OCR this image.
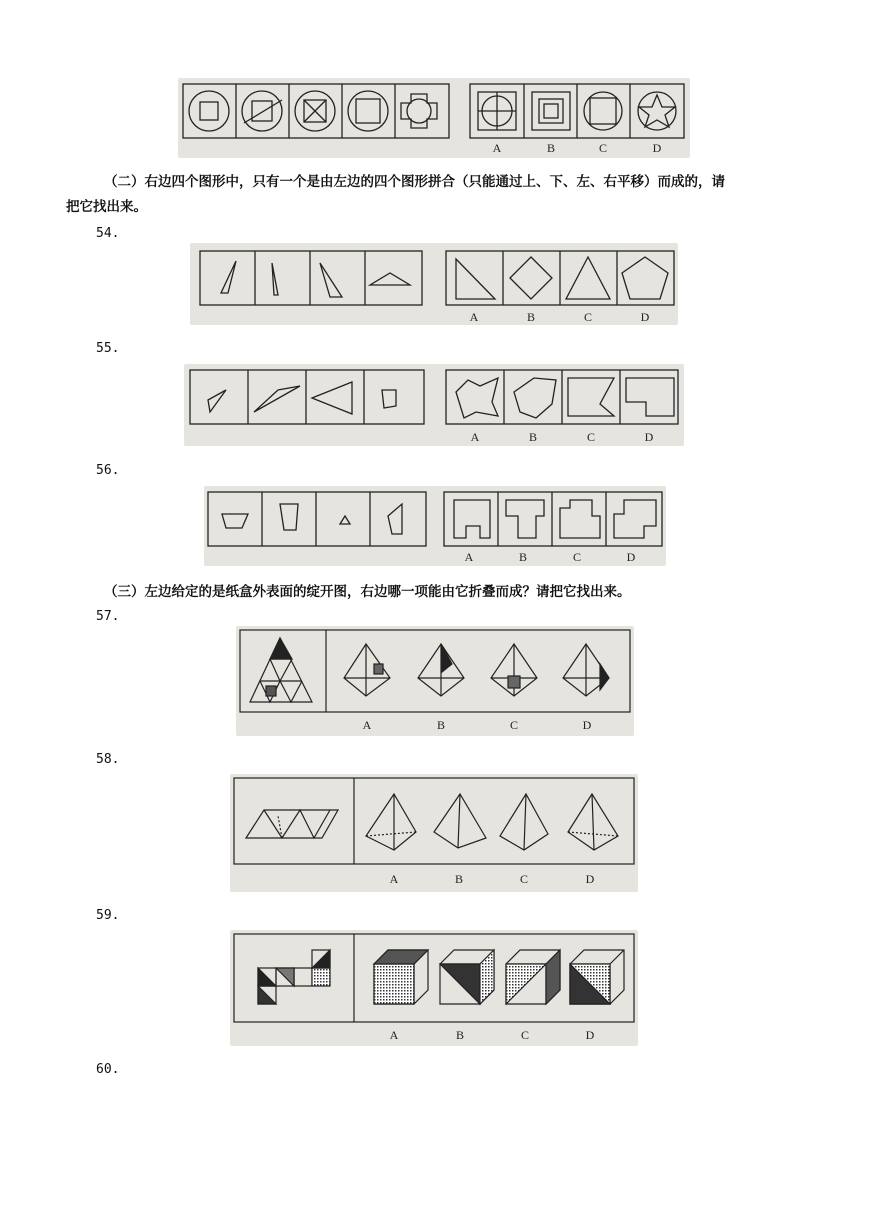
A	B	C	D
（二）右边四个图形中，只有一个是由左边的四个图形拼合（只能通过上、下、左、右平移）而成的，请
把它找出来。
54.
A	B	C	D
55.
A	B	C	D
56.
A	B	C	D
（三）左边给定的是纸盒外表面的绽开图，右边哪一项能由它折叠而成？请把它找出来。
57.
A	B	C	D
58.
A	B	C	D
59.
A	B	C	D
60.
